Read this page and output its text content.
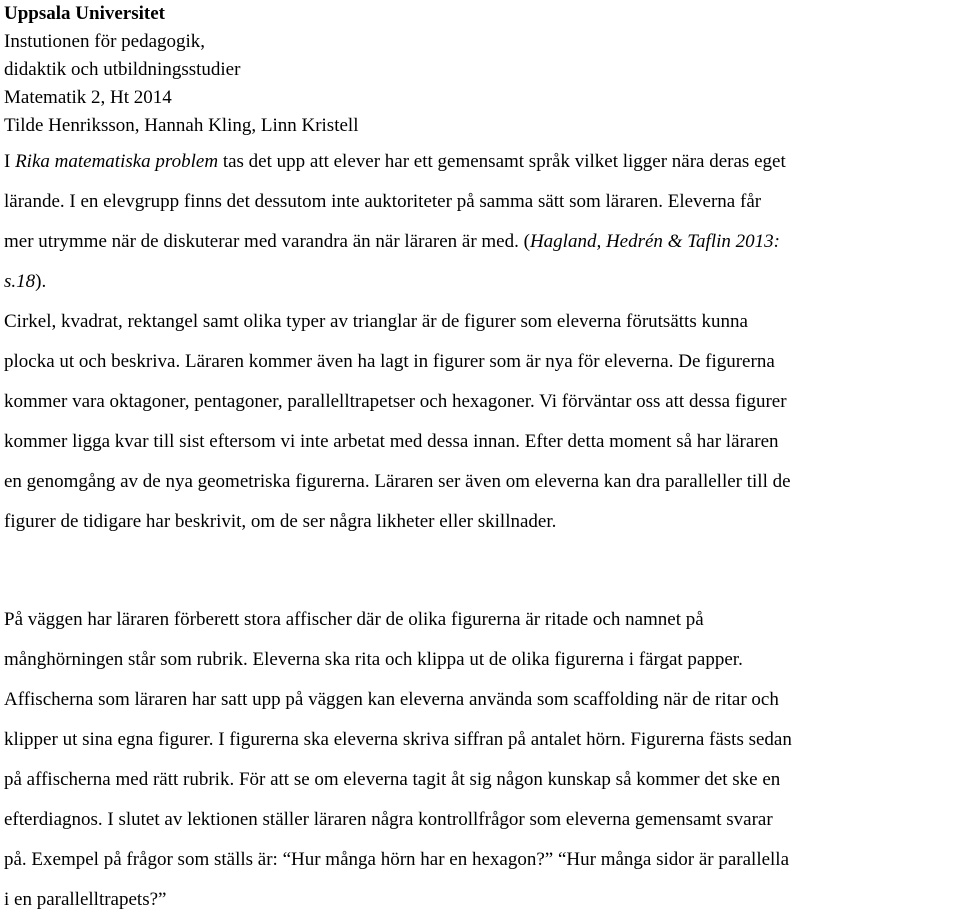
Uppsala Universitet
Instutionen för pedagogik,
didaktik och utbildningsstudier
Matematik 2, Ht 2014
Tilde Henriksson, Hannah Kling, Linn Kristell
I Rika matematiska problem tas det upp att elever har ett gemensamt språk vilket ligger nära deras eget
lärande. I en elevgrupp finns det dessutom inte auktoriteter på samma sätt som läraren. Eleverna får
mer utrymme när de diskuterar med varandra än när läraren är med. (Hagland, Hedrén & Taflin 2013:
s.18).
Cirkel, kvadrat, rektangel samt olika typer av trianglar är de figurer som eleverna förutsätts kunna
plocka ut och beskriva. Läraren kommer även ha lagt in figurer som är nya för eleverna. De figurerna
kommer vara oktagoner, pentagoner, parallelltrapetser och hexagoner. Vi förväntar oss att dessa figurer
kommer ligga kvar till sist eftersom vi inte arbetat med dessa innan. Efter detta moment så har läraren
en genomgång av de nya geometriska figurerna. Läraren ser även om eleverna kan dra paralleller till de
figurer de tidigare har beskrivit, om de ser några likheter eller skillnader.
På väggen har läraren förberett stora affischer där de olika figurerna är ritade och namnet på
månghörningen står som rubrik. Eleverna ska rita och klippa ut de olika figurerna i färgat papper.
Affischerna som läraren har satt upp på väggen kan eleverna använda som scaffolding när de ritar och
klipper ut sina egna figurer. I figurerna ska eleverna skriva siffran på antalet hörn. Figurerna fästs sedan
på affischerna med rätt rubrik. För att se om eleverna tagit åt sig någon kunskap så kommer det ske en
efterdiagnos. I slutet av lektionen ställer läraren några kontrollfrågor som eleverna gemensamt svarar
på. Exempel på frågor som ställs är: “Hur många hörn har en hexagon?” “Hur många sidor är parallella
i en parallelltrapets?”
